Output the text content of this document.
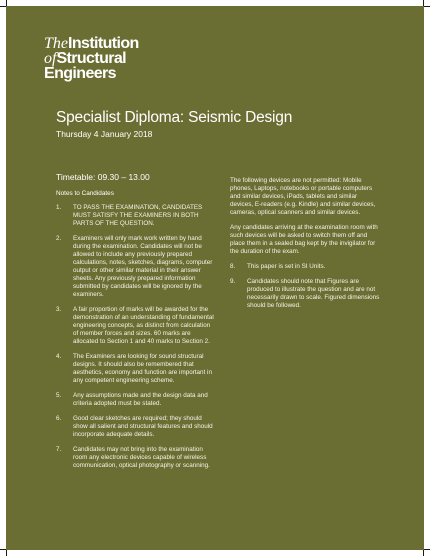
TheInstitution
ofStructural
Engineers
Specialist Diploma: Seismic Design
Thursday 4 January 2018
Timetable: 09.30 – 13.00
Notes to Candidates
1.	TO PASS THE EXAMINATION, CANDIDATES MUST SATISFY THE EXAMINERS IN BOTH PARTS OF THE QUESTION.
2.	Examiners will only mark work written by hand during the examination. Candidates will not be allowed to include any previously prepared calculations, notes, sketches, diagrams, computer output or other similar material in their answer sheets. Any previously prepared information submitted by candidates will be ignored by the examiners.
3.	A fair proportion of marks will be awarded for the demonstration of an understanding of fundamental engineering concepts, as distinct from calculation of member forces and sizes. 60 marks are allocated to Section 1 and 40 marks to Section 2.
4.	The Examiners are looking for sound structural designs. It should also be remembered that aesthetics, economy and function are important in any competent engineering scheme.
5.	Any assumptions made and the design data and criteria adopted must be stated.
6.	Good clear sketches are required; they should show all salient and structural features and should incorporate adequate details.
7.	Candidates may not bring into the examination room any electronic devices capable of wireless communication, optical photography or scanning.
The following devices are not permitted: Mobile phones, Laptops, notebooks or portable computers and similar devices, iPads, tablets and similar devices, E-readers (e.g. Kindle) and similar devices, cameras, optical scanners and similar devices.
Any candidates arriving at the examination room with such devices will be asked to switch them off and place them in a sealed bag kept by the invigilator for the duration of the exam.
8.	This paper is set in SI Units.
9.	Candidates should note that Figures are produced to illustrate the question and are not necessarily drawn to scale. Figured dimensions should be followed.
